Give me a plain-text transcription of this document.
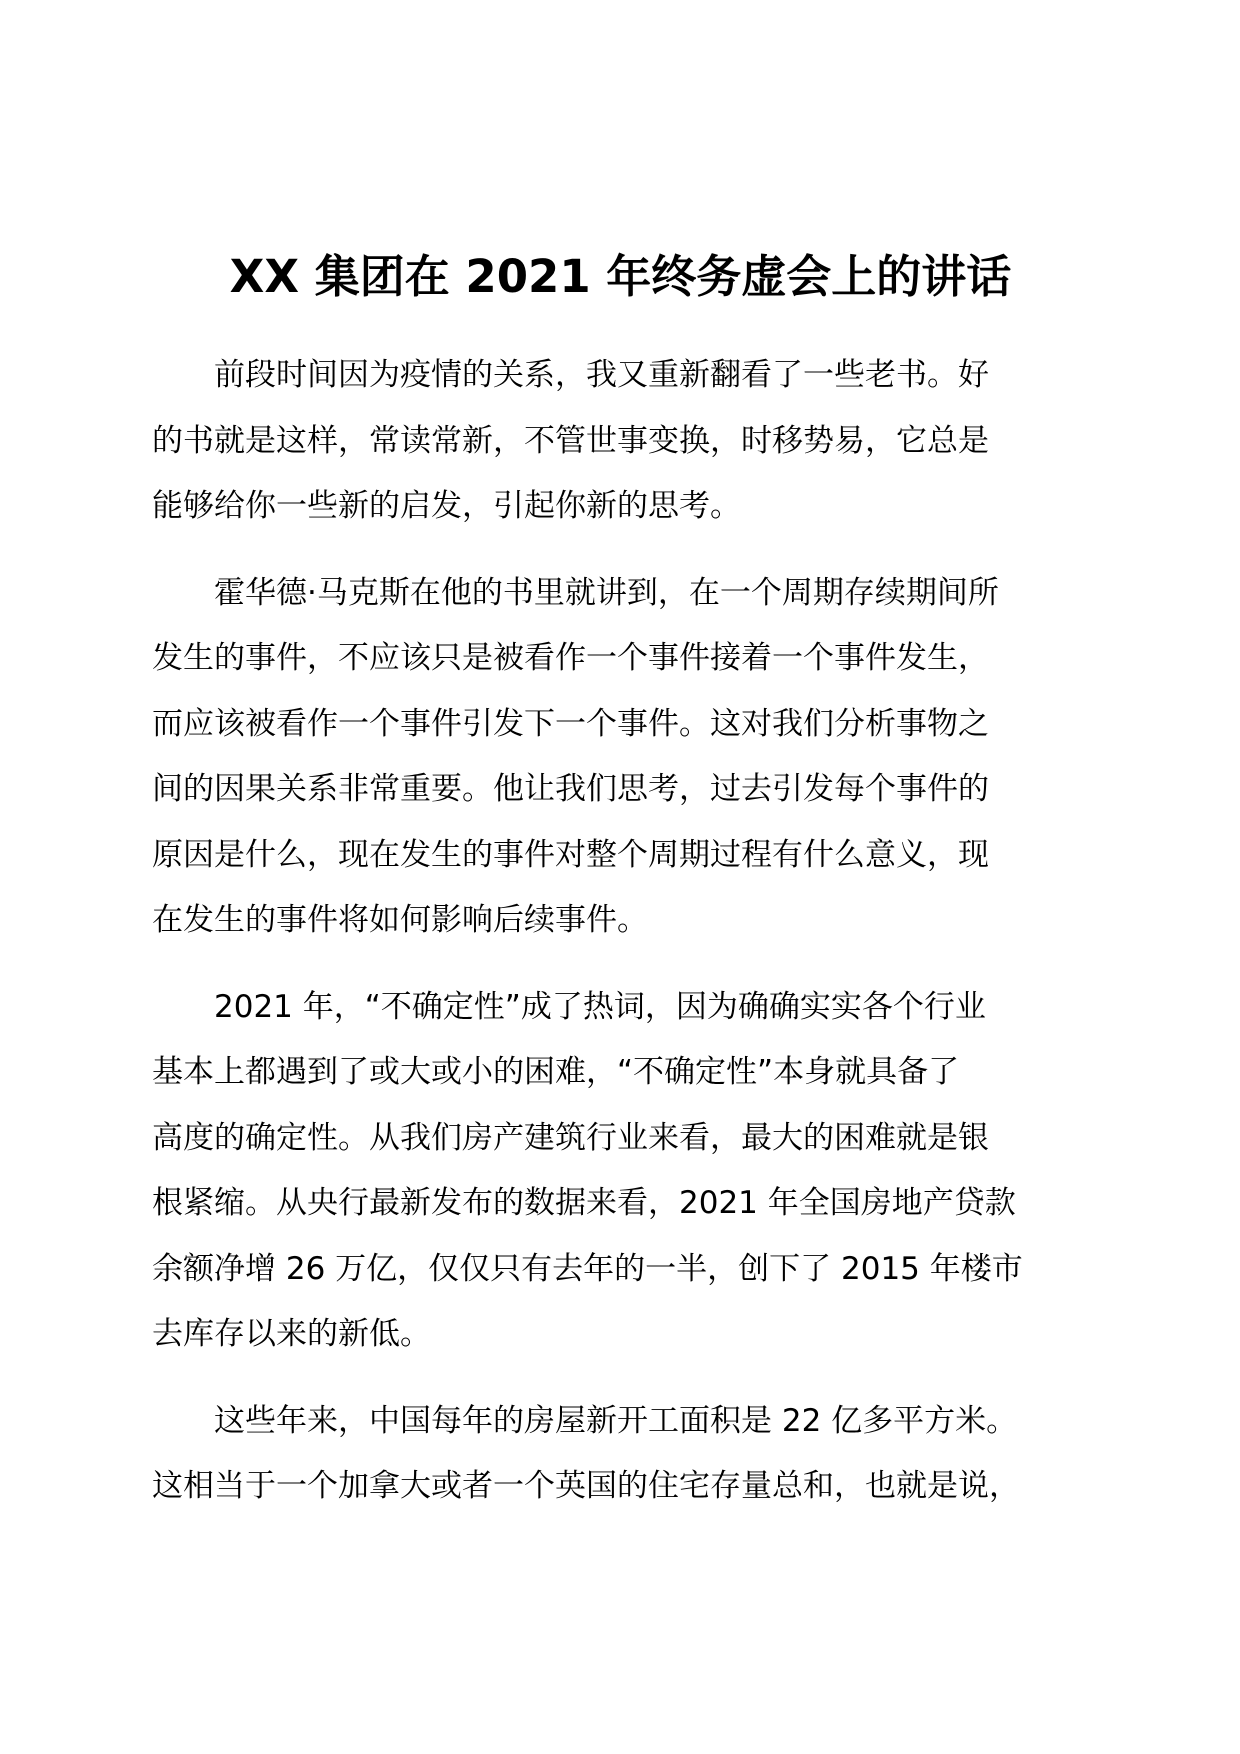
XX 集团在 2021 年终务虚会上的讲话

前段时间因为疫情的关系，我又重新翻看了一些老书。好
的书就是这样，常读常新，不管世事变换，时移势易，它总是
能够给你一些新的启发，引起你新的思考。

霍华德·马克斯在他的书里就讲到，在一个周期存续期间所
发生的事件，不应该只是被看作一个事件接着一个事件发生，
而应该被看作一个事件引发下一个事件。这对我们分析事物之
间的因果关系非常重要。他让我们思考，过去引发每个事件的
原因是什么，现在发生的事件对整个周期过程有什么意义，现
在发生的事件将如何影响后续事件。

2021 年，“不确定性”成了热词，因为确确实实各个行业
基本上都遇到了或大或小的困难，“不确定性”本身就具备了
高度的确定性。从我们房产建筑行业来看，最大的困难就是银
根紧缩。从央行最新发布的数据来看，2021 年全国房地产贷款
余额净增 26 万亿，仅仅只有去年的一半，创下了 2015 年楼市
去库存以来的新低。

这些年来，中国每年的房屋新开工面积是 22 亿多平方米。
这相当于一个加拿大或者一个英国的住宅存量总和，也就是说，
